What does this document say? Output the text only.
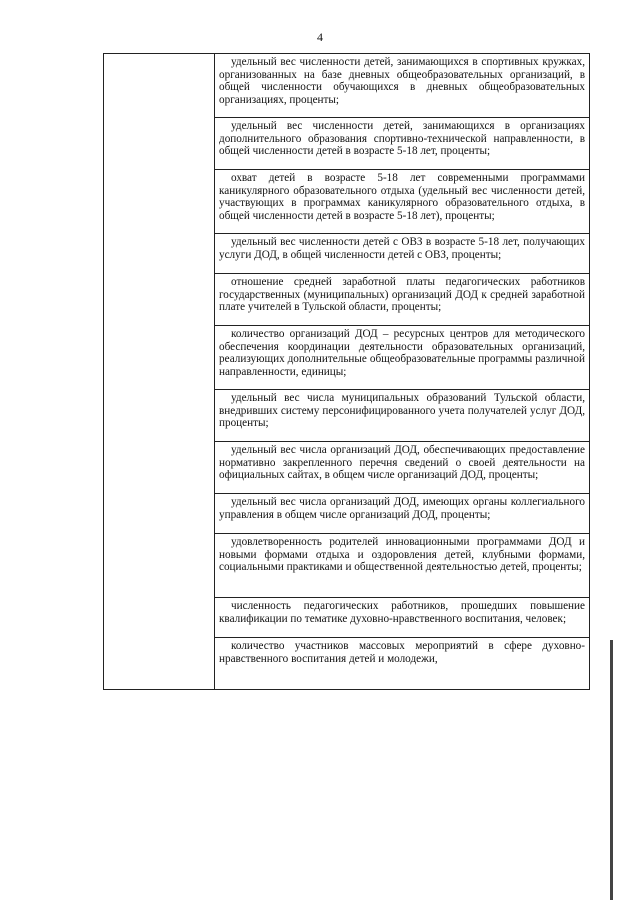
4
удельный вес численности детей, занимающихся в спортивных кружках, организованных на базе дневных общеобразовательных организаций, в общей численности обучающихся в дневных общеобразовательных организациях, проценты;
удельный вес численности детей, занимающихся в организациях дополнительного образования спортивно-технической направленности, в общей численности детей в возрасте 5-18 лет, проценты;
охват детей в возрасте 5-18 лет современными программами каникулярного образовательного отдыха (удельный вес численности детей, участвующих в программах каникулярного образовательного отдыха, в общей численности детей в возрасте 5-18 лет), проценты;
удельный вес численности детей с ОВЗ в возрасте 5-18 лет, получающих услуги ДОД, в общей численности детей с ОВЗ, проценты;
отношение средней заработной платы педагогических работников государственных (муниципальных) организаций ДОД к средней заработной плате учителей в Тульской области, проценты;
количество организаций ДОД – ресурсных центров для методического обеспечения координации деятельности образовательных организаций, реализующих дополнительные общеобразовательные программы различной направленности, единицы;
удельный вес числа муниципальных образований Тульской области, внедривших систему персонифицированного учета получателей услуг ДОД, проценты;
удельный вес числа организаций ДОД, обеспечивающих предоставление нормативно закрепленного перечня сведений о своей деятельности на официальных сайтах, в общем числе организаций ДОД, проценты;
удельный вес числа организаций ДОД, имеющих органы коллегиального управления в общем числе организаций ДОД, проценты;
удовлетворенность родителей инновационными программами ДОД и новыми формами отдыха и оздоровления детей, клубными формами, социальными практиками и общественной деятельностью детей, проценты;
численность педагогических работников, прошедших повышение квалификации по тематике духовно-нравственного воспитания, человек;
количество участников массовых мероприятий в сфере духовно-нравственного воспитания детей и молодежи,
